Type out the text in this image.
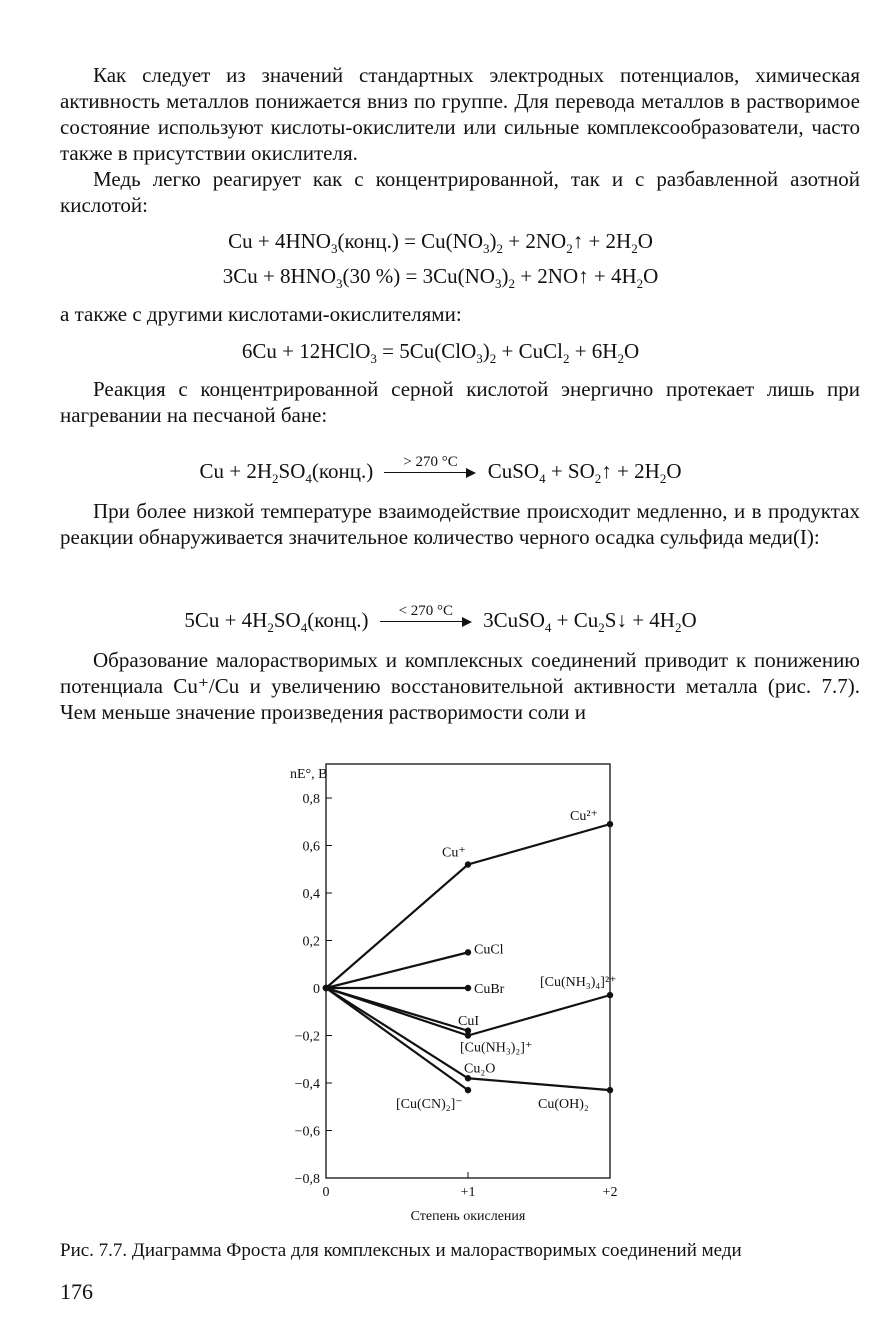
Как следует из значений стандартных электродных потенциалов, химическая активность металлов понижается вниз по группе. Для перевода металлов в растворимое состояние используют кислоты-окислители или сильные комплексообразователи, часто также в присутствии окислителя.

Медь легко реагирует как с концентрированной, так и с разбавленной азотной кислотой:

$Cu + 4HNO_3(конц.) = Cu(NO_3)_2$ + $2NO_2↑ + 2H_2O$
$3Cu + 8HNO_3(30$ %) = $3Cu(NO_3)_2$ + 2NO↑ + $4H_2O$

а также с другими кислотами-окислителями:

6Cu + 12HClO$_3$ = $5Cu(ClO_3)_2$ + CuCl$_2$ + $6H_2O$

Реакция с концентрированной серной кислотой энергично протекает лишь при нагревании на песчаной бане:

$Cu + 2H_2SO_4(конц.)$	> 270 °C	CuSO$_4$ + $SO_2↑ + 2H_2O$

При более низкой температуре взаимодействие происходит медленно, и в продуктах реакции обнаруживается значительное количество черного осадка сульфида меди(I):

$5Cu + 4H_2SO_4(конц.)$	< 270 °C	3CuSO$_4$ + $Cu_2S↓ + 4H_2O$

Образование малорастворимых и комплексных соединений приводит к понижению потенциала Cu⁺/Cu и увеличению восстановительной активности металла (рис. 7.7). Чем меньше значение произведения растворимости соли и

0,8
0,6
0,4
0,2
0
−0,2
−0,4
−0,6
−0,8
0	+1	+2
nE°, В
Степень окисления
Cu⁺
Cu²⁺
CuCl
CuBr
CuI
[Cu(NH₃)₂]⁺
[Cu(NH₃)₄]²⁺
Cu₂O
[Cu(CN)₂]⁻	Cu(OH)₂
Рис. 7.7. Диаграмма Фроста для комплексных и малорастворимых соединений меди
176
